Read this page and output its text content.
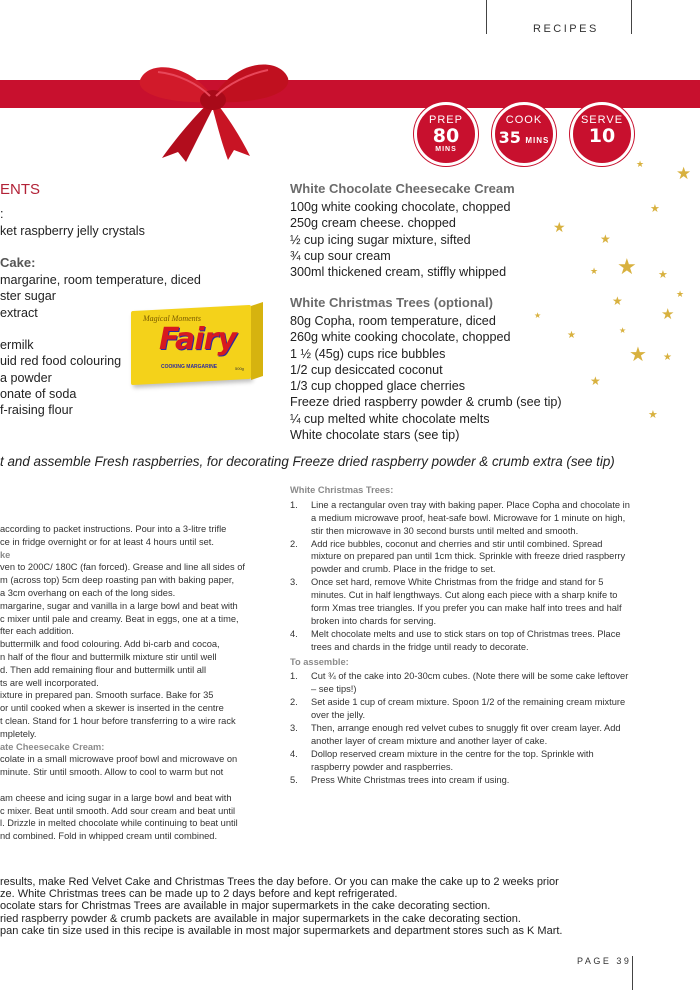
RECIPES
PREP
80
MINS
COOK
35 MINS
SERVE
10
ENTS
:
ket raspberry jelly crystals
Cake:
margarine, room temperature, diced
ster sugar
extract
ermilk
uid red food colouring
a powder
onate of soda
f-raising flour
Magical Moments
Fairy
COOKING MARGARINE	500g
White Chocolate Cheesecake Cream
100g white cooking chocolate, chopped
250g cream cheese. chopped
½ cup icing sugar mixture, sifted
¾ cup sour cream
300ml thickened cream, stiffly whipped
White Christmas Trees (optional)
80g Copha, room temperature, diced
260g white cooking chocolate, chopped
1 ½ (45g) cups rice bubbles
1/2 cup desiccated coconut
1/3 cup chopped glace cherries
Freeze dried raspberry powder & crumb (see tip)
¼ cup melted white chocolate melts
White chocolate stars (see tip)
★
★
★
★
★
★
★	★
★
★
★
★
★
★ ★
★
★
★
t and assemble Fresh raspberries, for decorating Freeze dried raspberry powder & crumb extra (see tip)
according to packet instructions. Pour into a 3-litre trifle
ce in fridge overnight or for at least 4 hours until set.
ke
ven to 200C/ 180C (fan forced). Grease and line all sides of
m (across top) 5cm deep roasting pan with baking paper,
a 3cm overhang on each of the long sides.
margarine, sugar and vanilla in a large bowl and beat with
c mixer until pale and creamy. Beat in eggs, one at a time,
fter each addition.
buttermilk and food colouring. Add bi-carb and cocoa,
n half of the flour and buttermilk mixture stir until well
d. Then add remaining flour and buttermilk until all
ts are well incorporated.
ixture in prepared pan. Smooth surface. Bake for 35
or until cooked when a skewer is inserted in the centre
t clean. Stand for 1 hour before transferring to a wire rack
mpletely.
ate Cheesecake Cream:
colate in a small microwave proof bowl and microwave on
minute. Stir until smooth. Allow to cool to warm but not
am cheese and icing sugar in a large bowl and beat with
c mixer. Beat until smooth. Add sour cream and beat until
l. Drizzle in melted chocolate while continuing to beat until
nd combined. Fold in whipped cream until combined.
White Christmas Trees:
1. Line a rectangular oven tray with baking paper. Place Copha and chocolate in a medium microwave proof, heat-safe bowl. Microwave for 1 minute on high, stir then microwave in 30 second bursts until melted and smooth.
2. Add rice bubbles, coconut and cherries and stir until combined. Spread mixture on prepared pan until 1cm thick. Sprinkle with freeze dried raspberry powder and crumb. Place in the fridge to set.
3. Once set hard, remove White Christmas from the fridge and stand for 5 minutes. Cut in half lengthways. Cut along each piece with a sharp knife to form Xmas tree triangles. If you prefer you can make half into trees and half broken into chards for serving.
4. Melt chocolate melts and use to stick stars on top of Christmas trees. Place trees and chards in the fridge until ready to decorate.
To assemble:
1. Cut ¾ of the cake into 20-30cm cubes. (Note there will be some cake leftover – see tips!)
2. Set aside 1 cup of cream mixture. Spoon 1/2 of the remaining cream mixture over the jelly.
3. Then, arrange enough red velvet cubes to snuggly fit over cream layer. Add another layer of cream mixture and another layer of cake.
4. Dollop reserved cream mixture in the centre for the top. Sprinkle with raspberry powder and raspberries.
5. Press White Christmas trees into cream if using.
results, make Red Velvet Cake and Christmas Trees the day before. Or you can make the cake up to 2 weeks prior
ze. White Christmas trees can be made up to 2 days before and kept refrigerated.
ocolate stars for Christmas Trees are available in major supermarkets in the cake decorating section.
ried raspberry powder & crumb packets are available in major supermarkets in the cake decorating section.
pan cake tin size used in this recipe is available in most major supermarkets and department stores such as K Mart.
PAGE 39
